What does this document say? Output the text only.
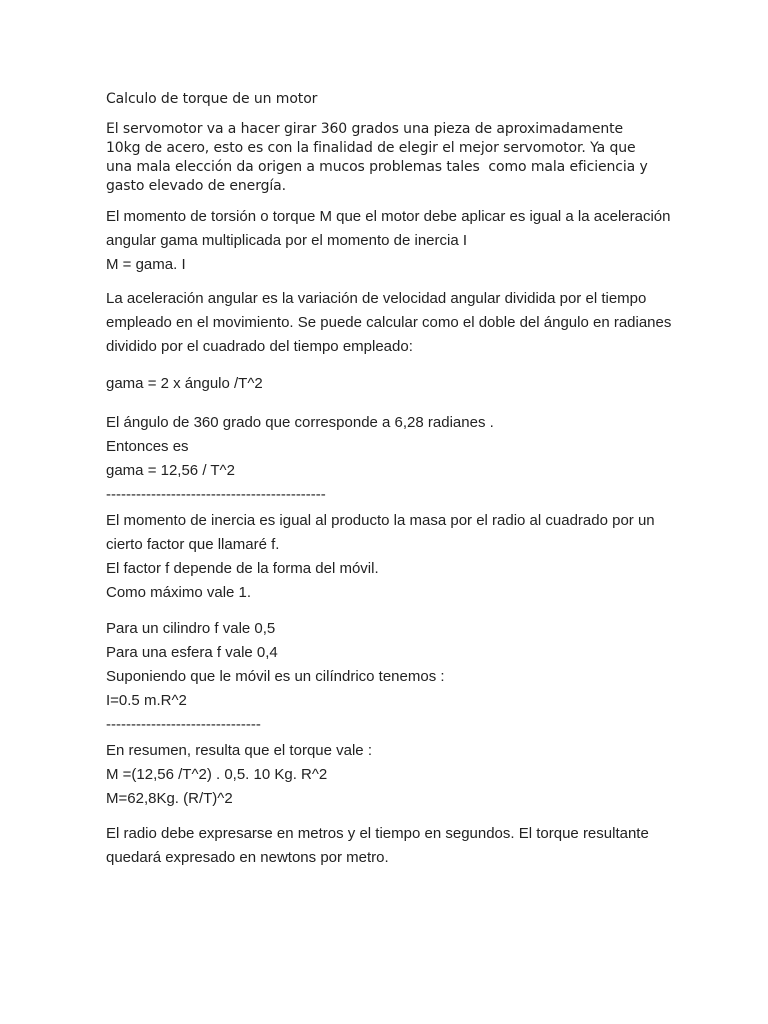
Calculo de torque de un motor
El servomotor va a hacer girar 360 grados una pieza de aproximadamente
10kg de acero, esto es con la finalidad de elegir el mejor servomotor. Ya que
una mala elección da origen a mucos problemas tales  como mala eficiencia y
gasto elevado de energía.
El momento de torsión o torque M que el motor debe aplicar es igual a la aceleración
angular gama multiplicada por el momento de inercia I
M = gama. I
La aceleración angular es la variación de velocidad angular dividida por el tiempo
empleado en el movimiento. Se puede calcular como el doble del ángulo en radianes
dividido por el cuadrado del tiempo empleado:
gama = 2 x ángulo /T^2
El ángulo de 360 grado que corresponde a 6,28 radianes .
Entonces es
gama = 12,56 / T^2
--------------------------------------------
El momento de inercia es igual al producto la masa por el radio al cuadrado por un
cierto factor que llamaré f.
El factor f depende de la forma del móvil.
Como máximo vale 1.
Para un cilindro f vale 0,5
Para una esfera f vale 0,4
Suponiendo que le móvil es un cilíndrico tenemos :
I=0.5 m.R^2
-------------------------------
En resumen, resulta que el torque vale :
M =(12,56 /T^2) . 0,5. 10 Kg. R^2
M=62,8Kg. (R/T)^2
El radio debe expresarse en metros y el tiempo en segundos. El torque resultante
quedará expresado en newtons por metro.
